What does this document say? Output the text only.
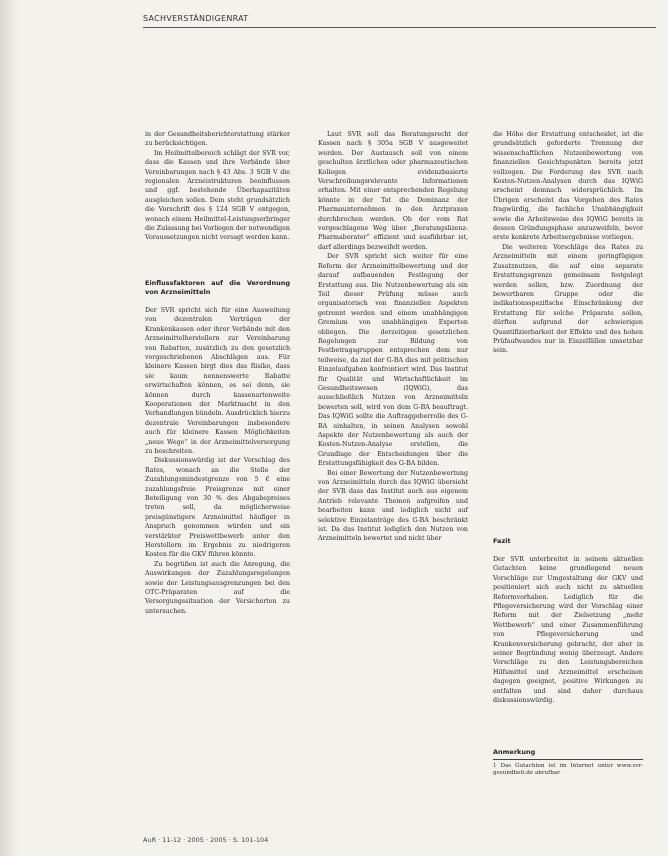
SACHVERSTÄNDIGENRAT

in der Gesundheitsberichterstattung stärker zu berücksichtigen.

Im Heilmittelbereich schlägt der SVR vor, dass die Kassen und ihre Verbände über Vereinbarungen nach § 43 Abs. 3 SGB V die regionalen Arzneistrukturen beeinflussen und ggf. bestehende Überkapazitäten ausgleichen sollen. Dem steht grundsätzlich die Vorschrift des § 124 SGB V entgegen, wonach einem Heilmittel-Leistungserbringer die Zulassung bei Vorliegen der notwendigen Voraussetzungen nicht versagt werden kann.

Einflussfaktoren auf die Verordnung von Arzneimitteln

Der SVR spricht sich für eine Ausweitung von dezentralen Verträgen der Krankenkassen oder ihrer Verbände mit den Arzneimittelherstellern zur Vereinbarung von Rabatten, zusätzlich zu den gesetzlich vorgeschriebenen Abschlägen aus. Für kleinere Kassen birgt dies das Risiko, dass sie kaum nennenswerte Rabatte erwirtschaften können, es sei denn, sie können durch kassenartenweite Kooperationen der Marktmacht in den Verhandlungen bündeln. Ausdrücklich hierzu dezentrale Vereinbarungen insbesondere auch für kleinere Kassen Möglichkeiten „neue Wege“ in der Arzneimittelversorgung zu beschreiten.

Diskussionswürdig ist der Vorschlag des Rates, wonach an die Stelle der Zuzahlungsmindestgrenze von 5 € eine zuzahlungsfreie Preisgrenze mit einer Beteiligung von 30 % des Abgabepreises treten soll, da möglicherweise preisgünstigere Arzneimittel häufiger in Anspruch genommen würden und ein verstärkter Preiswettbewerb unter den Herstellern im Ergebnis zu niedrigeren Kosten für die GKV führen könnte.

Zu begrüßen ist auch die Anregung, die Auswirkungen der Zuzahlungsregelungen sowie der Leistungsausgrenzungen bei den OTC-Präparaten auf die Versorgungssituation der Versicherten zu untersuchen.

Laut SVR soll das Beratungsrecht der Kassen nach § 305a SGB V ausgeweitet werden. Der Austausch soll von einem geschulten ärztlichen oder pharmazeutischen Kollegen evidenzbasierte Verschreibungsrelevante Informationen erhalten. Mit einer entsprechenden Regelung könnte in der Tat die Dominanz der Pharmaunternehmen in den Arztpraxen durchbrochen werden. Ob der vom Rat vorgeschlagene Weg über „Beratungslizenz-Pharmaberater“ effizient und ausführbar ist, darf allerdings bezweifelt werden.

Der SVR spricht sich weiter für eine Reform der Arzneimittelbewertung und der darauf aufbauenden Festlegung der Erstattung aus. Die Nutzenbewertung als ein Teil dieser Prüfung müsse auch organisatorisch von finanziellen Aspekten getrennt werden und einem unabhängigen Gremium von unabhängigen Experten obliegen. Die derzeitigen gesetzlichen Regelungen zur Bildung von Festbetragsgruppen entsprechen dem nur teilweise, da ziel der G-BA dies mit politischen Einzelaufgaben konfrontiert wird. Das Institut für Qualität und Wirtschaftlichkeit im Gesundheitswesen (IQWiG), das ausschließlich Nutzen von Arzneimitteln bewerten soll, wird von dem G-BA beauftragt. Das IQWiG sollte die Auftraggeberrolle des G-BA einhalten, in seinen Analysen sowohl Aspekte der Nutzenbewertung als auch der Kosten-Nutzen-Analyse erstellen, die Grundlage der Entscheidungen über die Erstattungsfähigkeit des G-BA bilden.

Bei einer Bewertung der Nutzenbewertung von Arzneimitteln durch das IQWiG übersieht der SVR dass das Institut auch aus eigenem Antrieb relevante Themen aufgreifen und bearbeiten kann und lediglich nicht auf selektive Einzelanträge des G-BA beschränkt ist. Da das Institut lediglich den Nutzen von Arzneimitteln bewertet und nicht über

die Höhe der Erstattung entscheidet, ist die grundsätzlich geforderte Trennung der wissenschaftlichen Nutzenbewertung von finanziellen Gesichtspunkten bereits jetzt vollzogen. Die Forderung des SVR nach Kosten-Nutzen-Analysen durch das IQWiG erscheint demnach widersprüchlich. Im Übrigen erscheint das Vorgehen des Rates fragwürdig, die fachliche Unabhängigkeit sowie die Arbeitsweise des IQWiG bereits in dessen Gründungsphase anzuzweifeln, bevor erste konkrete Arbeitsergebnisse vorliegen.

Die weiteren Vorschläge des Rates zu Arzneimitteln mit einem geringfügigen Zusatznutzen, die auf eine separate Erstattungsgrenze gemeinsam festgelegt werden sollen, bzw. Zuordnung der bewertbaren Gruppe oder die indikationsspezifische Einschränkung der Erstattung für solche Präparate sollen, dürften aufgrund der schwierigen Quantifizierbarkeit der Effekte und des hohen Prüfaufwandes nur in Einzelfällen umsetzbar sein.

Fazit

Der SVR unterbreitet in seinem aktuellen Gutachten keine grundlegend neuen Vorschläge zur Umgestaltung der GKV und positioniert sich auch nicht zu aktuellen Reformvorhaben. Lediglich für die Pflegeversicherung wird der Vorschlag einer Reform mit der Zielsetzung „mehr Wettbewerb“ und einer Zusammenführung von Pflegeversicherung und Krankenversicherung gebracht, der aber in seiner Begründung wenig überzeugt. Andere Vorschläge zu den Leistungsbereichen Hilfsmittel und Arzneimittel erscheinen dagegen geeignet, positive Wirkungen zu entfalten und sind daher durchaus diskussionswürdig.

Anmerkung

1 Das Gutachten ist im Internet unter www.svr-gesundheit.de abrufbar.

AuR · 11-12 · 2005 · 2005 · S. 101-104
